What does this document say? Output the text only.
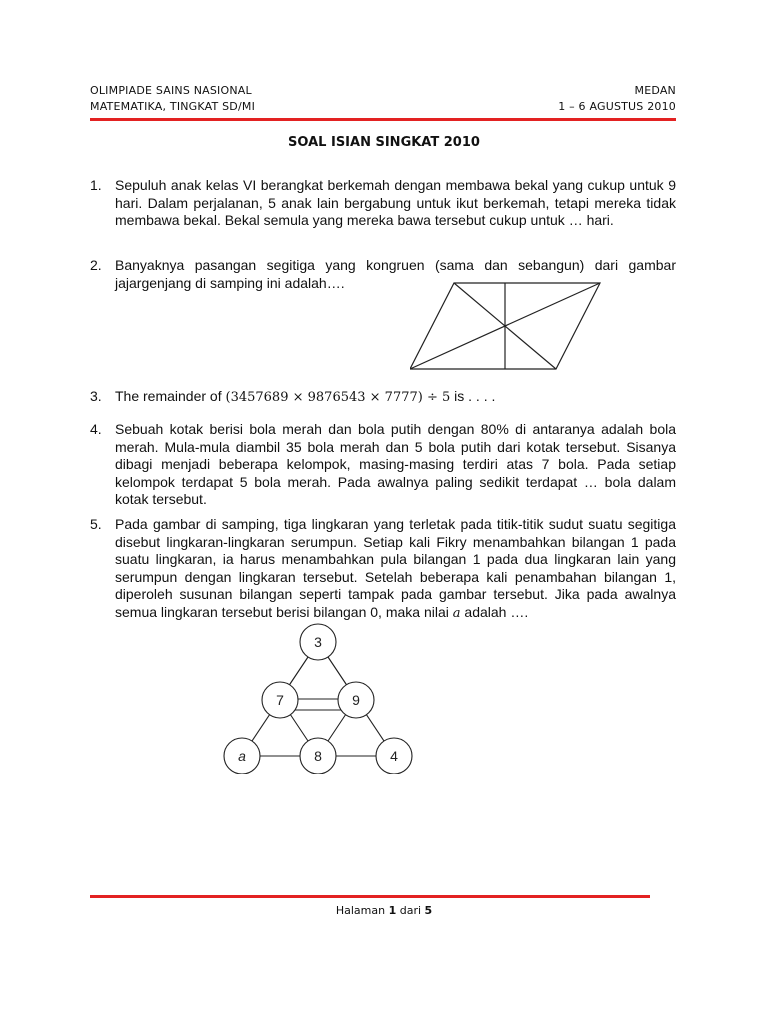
OLIMPIADE SAINS NASIONAL	MEDAN
MATEMATIKA, TINGKAT SD/MI	1 – 6 AGUSTUS 2010
SOAL ISIAN SINGKAT 2010
1. Sepuluh anak kelas VI berangkat berkemah dengan membawa bekal yang cukup untuk 9 hari. Dalam perjalanan, 5 anak lain bergabung untuk ikut berkemah, tetapi mereka tidak membawa bekal. Bekal semula yang mereka bawa tersebut cukup untuk … hari.
2. Banyaknya pasangan segitiga yang kongruen (sama dan sebangun) dari gambar jajargenjang di samping ini adalah….
3. The remainder of (3457689 × 9876543 × 7777) ÷ 5 is . . . .
4. Sebuah kotak berisi bola merah dan bola putih dengan 80% di antaranya adalah bola merah. Mula-mula diambil 35 bola merah dan 5 bola putih dari kotak tersebut. Sisanya dibagi menjadi beberapa kelompok, masing-masing terdiri atas 7 bola. Pada setiap kelompok terdapat 5 bola merah. Pada awalnya paling sedikit terdapat … bola dalam kotak tersebut.
5. Pada gambar di samping, tiga lingkaran yang terletak pada titik-titik sudut suatu segitiga disebut lingkaran-lingkaran serumpun. Setiap kali Fikry menambahkan bilangan 1 pada suatu lingkaran, ia harus menambahkan pula bilangan 1 pada dua lingkaran lain yang serumpun dengan lingkaran tersebut. Setelah beberapa kali penambahan bilangan 1, diperoleh susunan bilangan seperti tampak pada gambar tersebut. Jika pada awalnya semua lingkaran tersebut berisi bilangan 0, maka nilai a adalah ….
3
7	9
a	8	4
Halaman 1 dari 5
